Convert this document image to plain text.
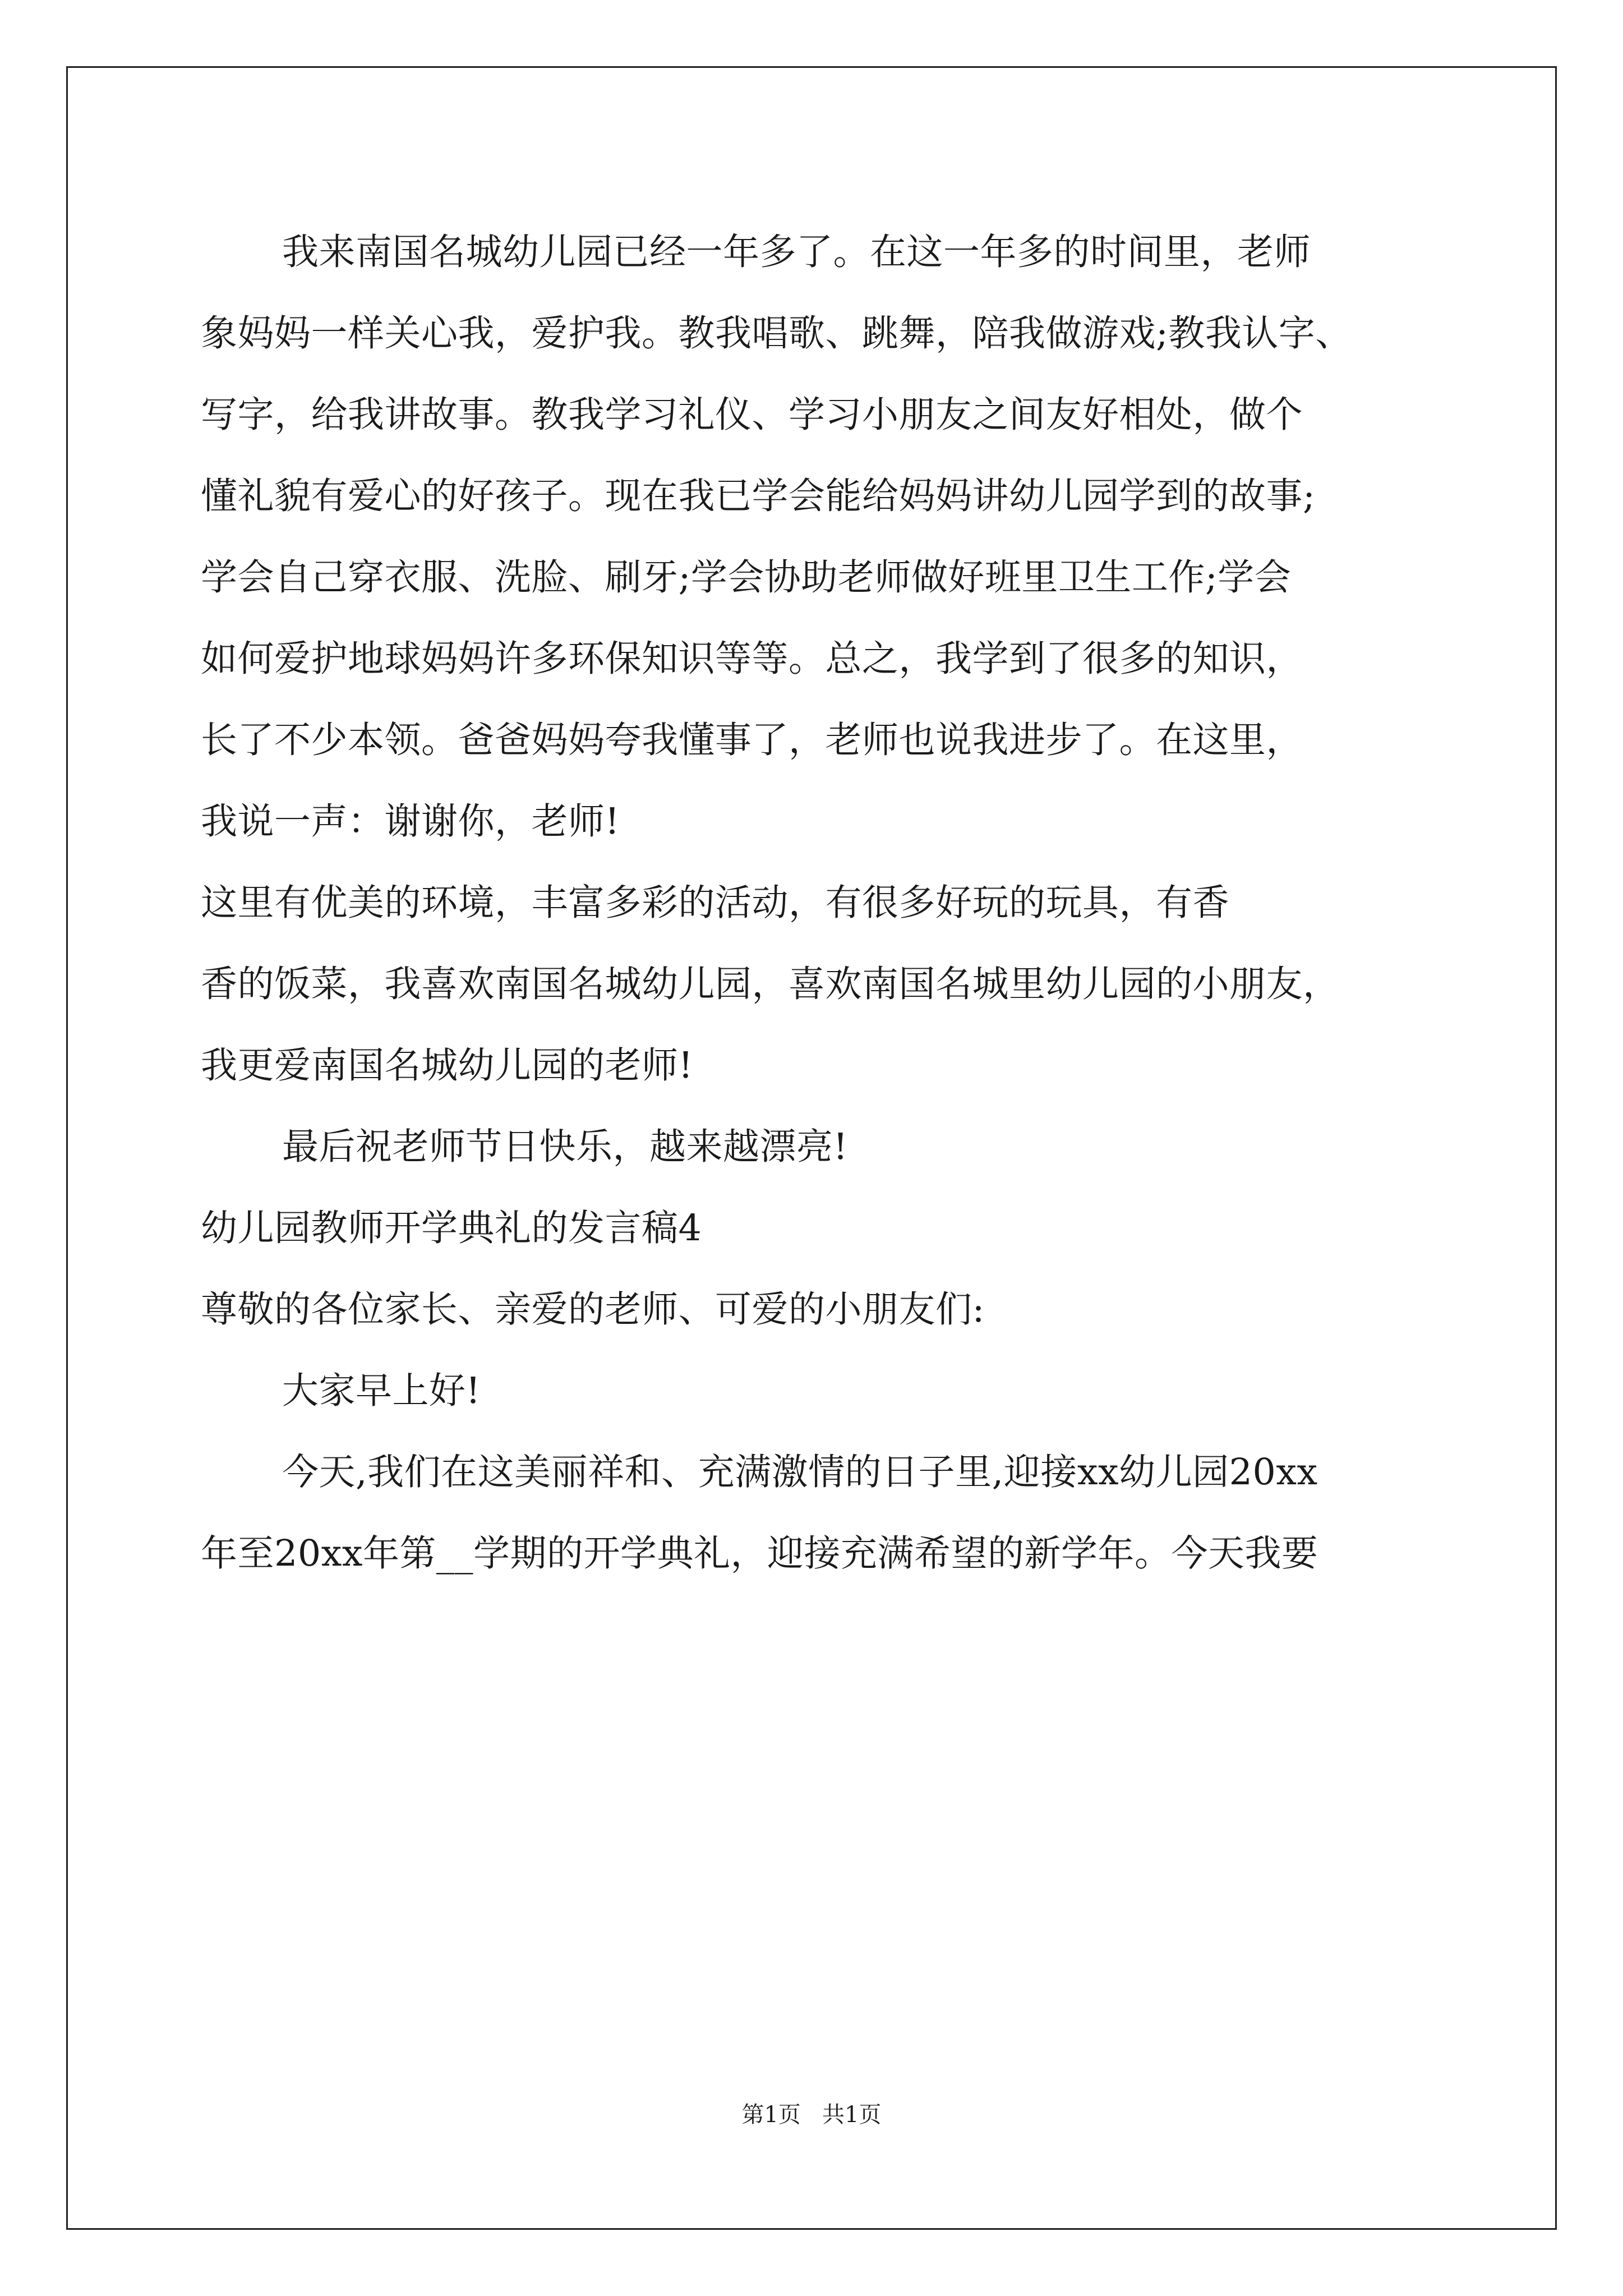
我来南国名城幼儿园已经一年多了。在这一年多的时间里，老师
象妈妈一样关心我，爱护我。教我唱歌、跳舞，陪我做游戏;教我认字、
写字，给我讲故事。教我学习礼仪、学习小朋友之间友好相处，做个
懂礼貌有爱心的好孩子。现在我已学会能给妈妈讲幼儿园学到的故事;
学会自己穿衣服、洗脸、刷牙;学会协助老师做好班里卫生工作;学会
如何爱护地球妈妈许多环保知识等等。总之，我学到了很多的知识，
长了不少本领。爸爸妈妈夸我懂事了，老师也说我进步了。在这里，
我说一声：谢谢你，老师!
这里有优美的环境，丰富多彩的活动，有很多好玩的玩具，有香
香的饭菜，我喜欢南国名城幼儿园，喜欢南国名城里幼儿园的小朋友，
我更爱南国名城幼儿园的老师!
最后祝老师节日快乐，越来越漂亮!
幼儿园教师开学典礼的发言稿4
尊敬的各位家长、亲爱的老师、可爱的小朋友们:
大家早上好!
今天,我们在这美丽祥和、充满激情的日子里,迎接xx幼儿园20xx
年至20xx年第__学期的开学典礼，迎接充满希望的新学年。今天我要
第1页   共1页
